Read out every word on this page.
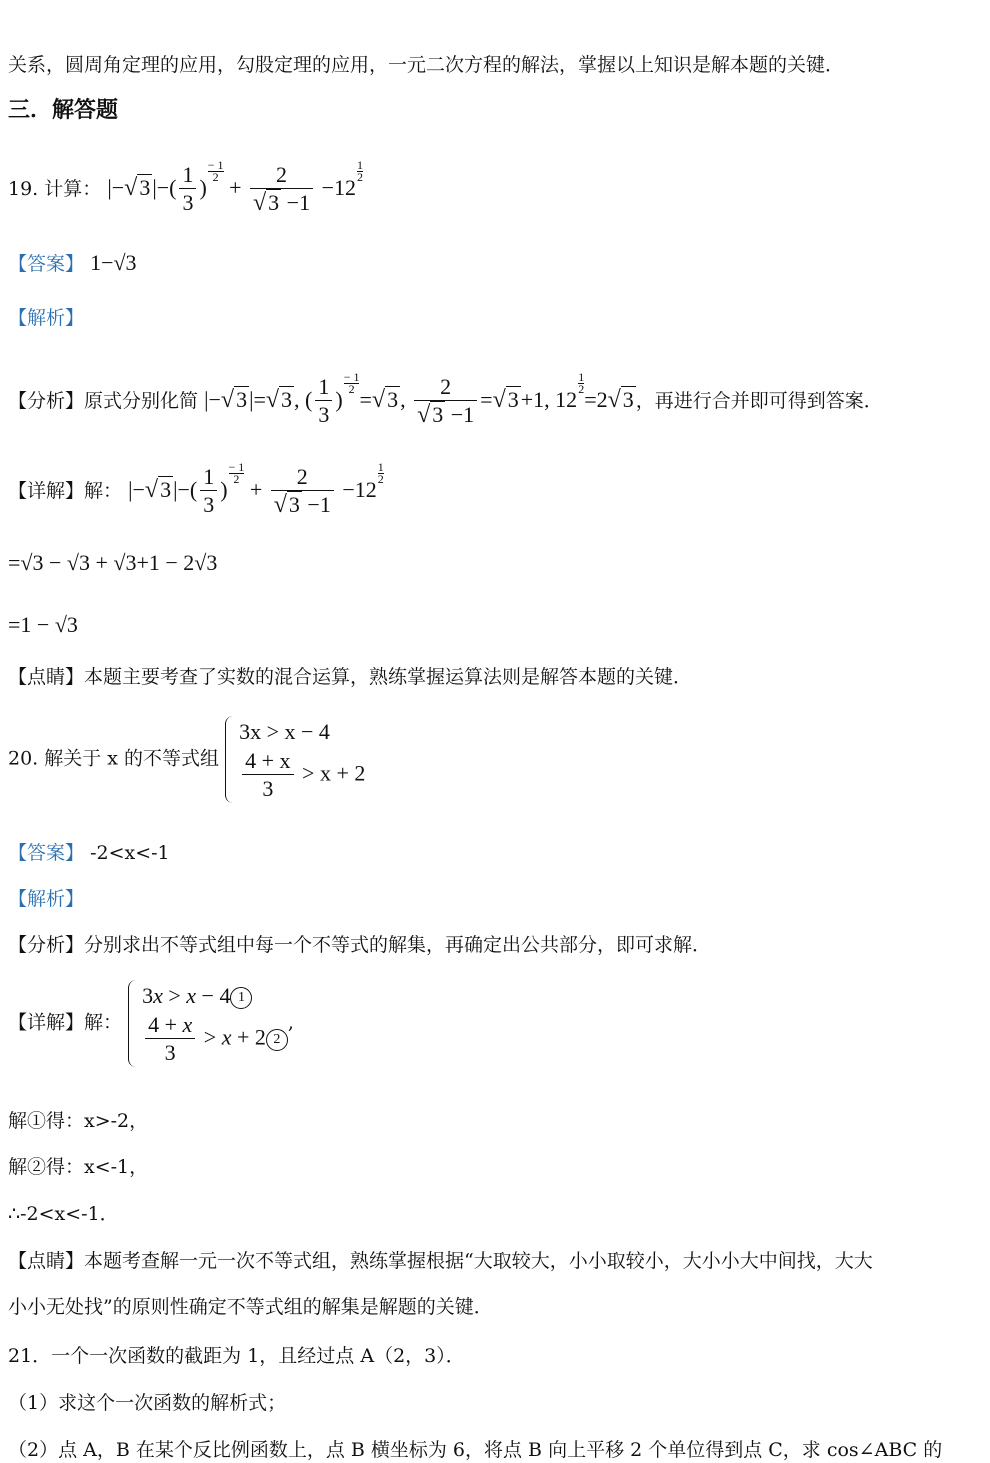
关系，圆周角定理的应用，勾股定理的应用，一元二次方程的解法，掌握以上知识是解本题的关键．
三．解答题
19. 计算： $|-√3|-( \frac{1}{3}$ )
$\frac{- 1}{2}$
+ $\frac{2}{√3 -1} -12$
$\frac{1}{2}$
【答案】 1−√3
【解析】
【分析】原式分别化简 |−√3|=√3, ( $\frac{1}{3}$ )
$\frac{- 1}{2}$
=√3, $\frac{2}{√3 -1} =√3+1$, 12
$\frac{1}{2}$
=2√3 ，再进行合并即可得到答案．
【详解】解： $|-√3|-( \frac{1}{3}$ )
$\frac{- 1}{2}$
+ $\frac{2}{√3 -1} -12$
$\frac{1}{2}$
=√3 − √3 + √3+1 − 2√3
=1 − √3
【点睛】本题主要考查了实数的混合运算，熟练掌握运算法则是解答本题的关键．
20. 解关于 x 的不等式组
3x > x − 4
$\frac{4 + x}{3} > x + 2$
【答案】 -2<x<-1
【解析】
【分析】分别求出不等式组中每一个不等式的解集，再确定出公共部分，即可求解．
【详解】解：
3x > x − 4 1
$\frac{4 + x}{3} > x + 2$ 2
,
解①得：x>-2，
解②得：x<-1，
∴-2<x<-1．
【点睛】本题考查解一元一次不等式组，熟练掌握根据“大取较大，小小取较小，大小小大中间找，大大
小小无处找”的原则性确定不等式组的解集是解题的关键．
21．一个一次函数的截距为 1，且经过点 A（2，3）．
（1）求这个一次函数的解析式；
（2）点 A，B 在某个反比例函数上，点 B 横坐标为 6，将点 B 向上平移 2 个单位得到点 C，求 cos∠ABC 的
